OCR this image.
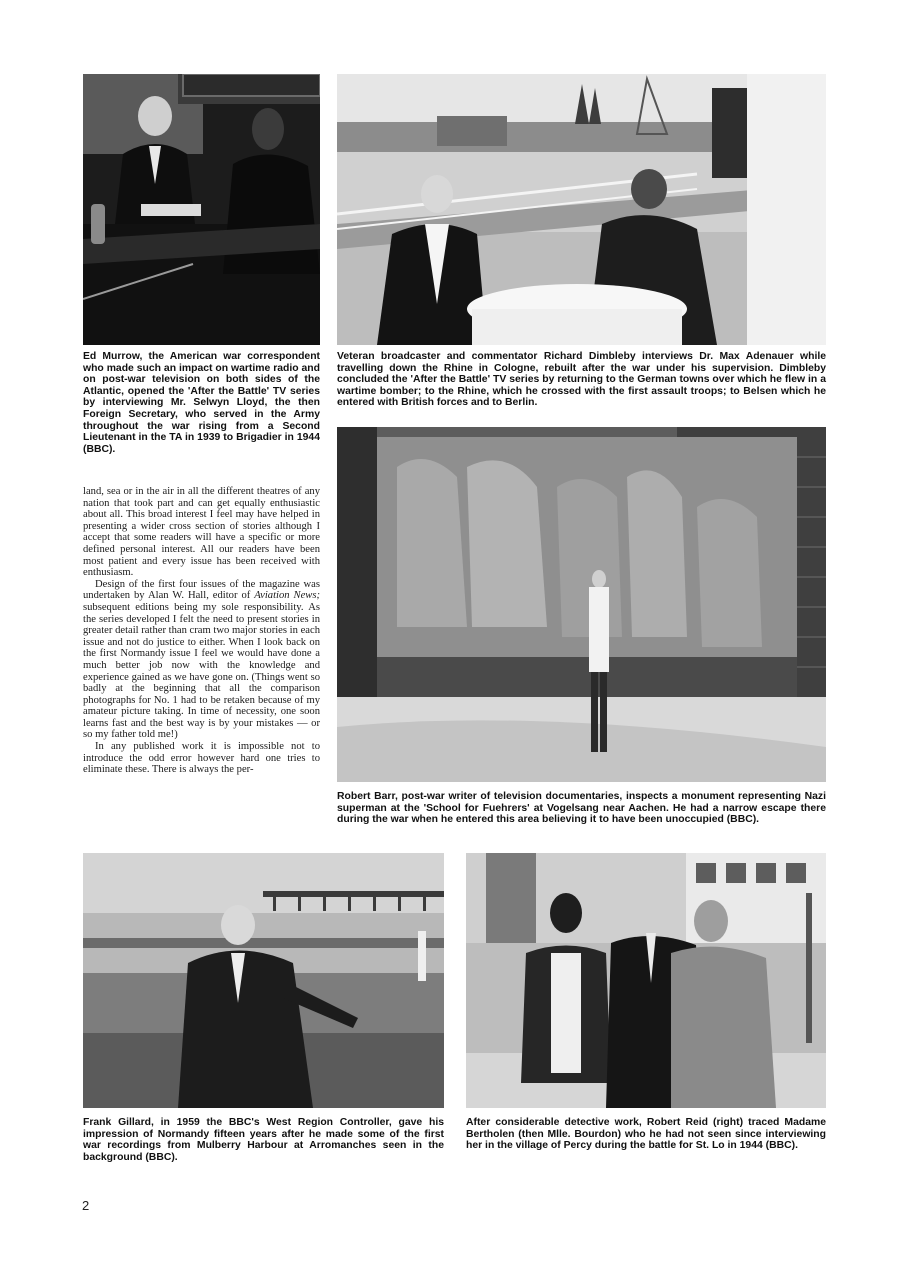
Ed Murrow, the American war correspondent who made such an impact on wartime radio and on post-war television on both sides of the Atlantic, opened the 'After the Battle' TV series by interviewing Mr. Selwyn Lloyd, the then Foreign Secretary, who served in the Army throughout the war rising from a Second Lieutenant in the TA in 1939 to Brigadier in 1944 (BBC).

Veteran broadcaster and commentator Richard Dimbleby interviews Dr. Max Adenauer while travelling down the Rhine in Cologne, rebuilt after the war under his supervision. Dimbleby concluded the 'After the Battle' TV series by returning to the German towns over which he flew in a wartime bomber; to the Rhine, which he crossed with the first assault troops; to Belsen which he entered with British forces and to Berlin.

land, sea or in the air in all the different theatres of any nation that took part and can get equally enthusiastic about all. This broad interest I feel may have helped in presenting a wider cross section of stories although I accept that some readers will have a specific or more defined personal interest. All our readers have been most patient and every issue has been received with enthusiasm.

Design of the first four issues of the magazine was undertaken by Alan W. Hall, editor of Aviation News; subsequent editions being my sole responsibility. As the series developed I felt the need to present stories in greater detail rather than cram two major stories in each issue and not do justice to either. When I look back on the first Normandy issue I feel we would have done a much better job now with the knowledge and experience gained as we have gone on. (Things went so badly at the beginning that all the comparison photographs for No. 1 had to be retaken because of my amateur picture taking. In time of necessity, one soon learns fast and the best way is by your mistakes — or so my father told me!)

In any published work it is impossible not to introduce the odd error however hard one tries to eliminate these. There is always the per-

Robert Barr, post-war writer of television documentaries, inspects a monument representing Nazi superman at the 'School for Fuehrers' at Vogelsang near Aachen. He had a narrow escape there during the war when he entered this area believing it to have been unoccupied (BBC).

Frank Gillard, in 1959 the BBC's West Region Controller, gave his impression of Normandy fifteen years after he made some of the first war recordings from Mulberry Harbour at Arromanches seen in the background (BBC).

After considerable detective work, Robert Reid (right) traced Madame Bertholen (then Mlle. Bourdon) who he had not seen since interviewing her in the village of Percy during the battle for St. Lo in 1944 (BBC).

2
